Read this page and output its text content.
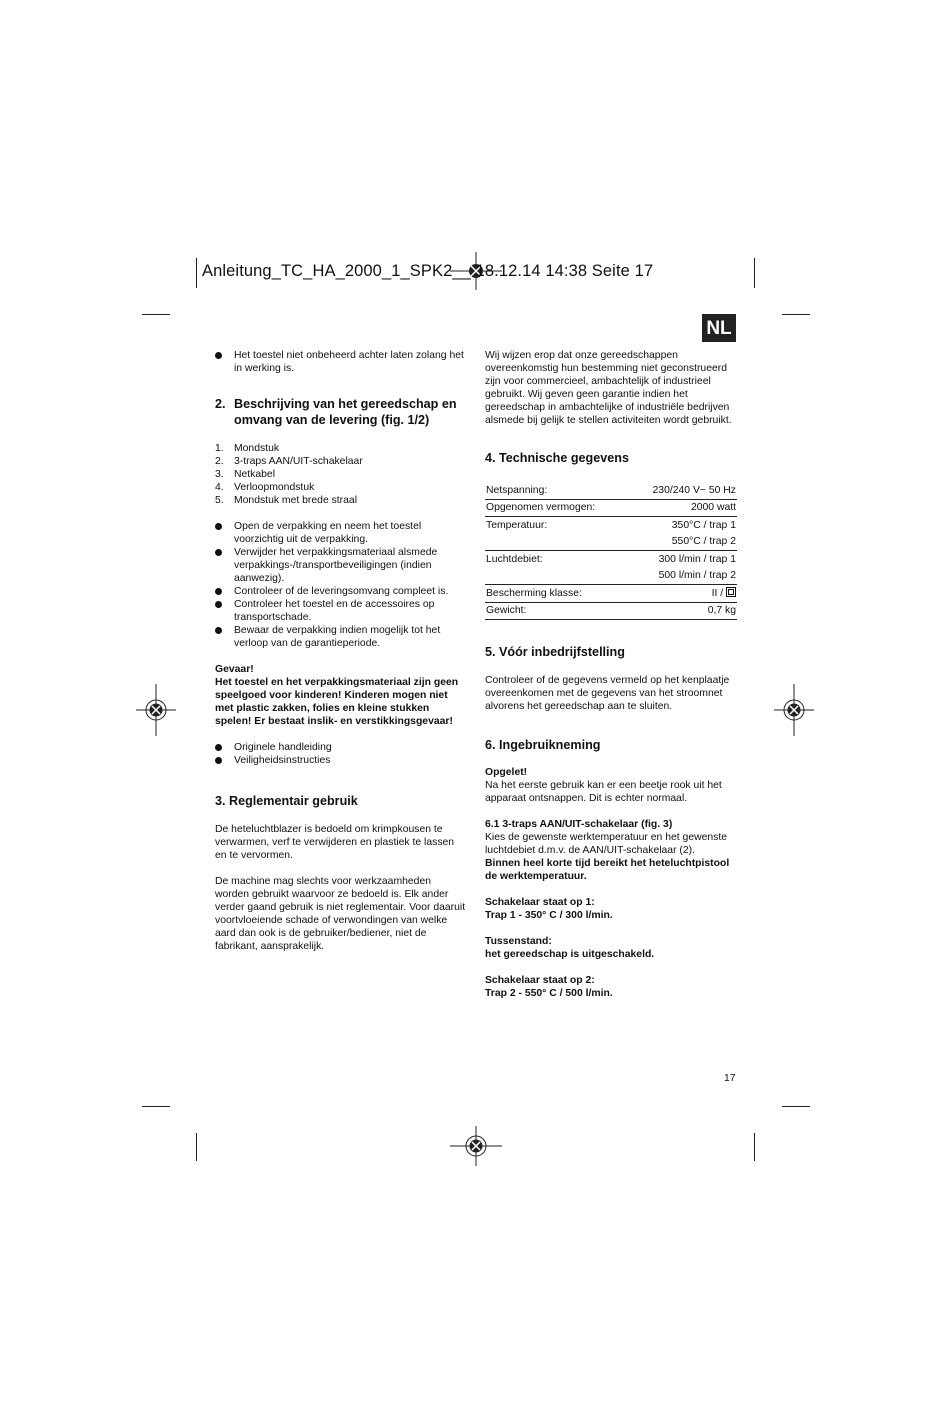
Anleitung_TC_HA_2000_1_SPK2__ 18.12.14 14:38 Seite 17
NL
Het toestel niet onbeheerd achter laten zolang het in werking is.
2. Beschrijving van het gereedschap en omvang van de levering (fig. 1/2)
1. Mondstuk
2. 3-traps AAN/UIT-schakelaar
3. Netkabel
4. Verloopmondstuk
5. Mondstuk met brede straal
Open de verpakking en neem het toestel voorzichtig uit de verpakking.
Verwijder het verpakkingsmateriaal alsmede verpakkings-/transportbeveiligingen (indien aanwezig).
Controleer of de leveringsomvang compleet is.
Controleer het toestel en de accessoires op transportschade.
Bewaar de verpakking indien mogelijk tot het verloop van de garantieperiode.

Gevaar!

Het toestel en het verpakkingsmateriaal zijn geen speelgoed voor kinderen! Kinderen mogen niet met plastic zakken, folies en kleine stukken spelen! Er bestaat inslik- en verstikkingsgevaar!

Originele handleiding
Veiligheidsinstructies
3. Reglementair gebruik

De heteluchtblazer is bedoeld om krimpkousen te verwarmen, verf te verwijderen en plastiek te lassen en te vervormen.

De machine mag slechts voor werkzaamheden worden gebruikt waarvoor ze bedoeld is. Elk ander verder gaand gebruik is niet reglementair. Voor daaruit voortvloeiende schade of verwondingen van welke aard dan ook is de gebruiker/bediener, niet de fabrikant, aansprakelijk.

Wij wijzen erop dat onze gereedschappen overeenkomstig hun bestemming niet geconstrueerd zijn voor commercieel, ambachtelijk of industrieel gebruikt. Wij geven geen garantie indien het gereedschap in ambachtelijke of industriële bedrijven alsmede bij gelijk te stellen activiteiten wordt gebruikt.

4. Technische gegevens
Netspanning:	230/240 V~ 50 Hz
Opgenomen vermogen:	2000 watt
Temperatuur:	350°C / trap 1
	550°C / trap 2
Luchtdebiet:	300 l/min / trap 1
	500 l/min / trap 2
Bescherming klasse:	II /
Gewicht:	0,7 kg
5. Vóór inbedrijfstelling

Controleer of de gegevens vermeld op het kenplaatje overeenkomen met de gegevens van het stroomnet alvorens het gereedschap aan te sluiten.

6. Ingebruikneming

Opgelet!

Na het eerste gebruik kan er een beetje rook uit het apparaat ontsnappen. Dit is echter normaal.

6.1 3-traps AAN/UIT-schakelaar (fig. 3)

Kies de gewenste werktemperatuur en het gewenste luchtdebiet d.m.v. de AAN/UIT-schakelaar (2).

Binnen heel korte tijd bereikt het heteluchtpistool de werktemperatuur.

Schakelaar staat op 1:

Trap 1 - 350° C / 300 l/min.

Tussenstand:

het gereedschap is uitgeschakeld.

Schakelaar staat op 2:

Trap 2 - 550° C / 500 l/min.

17
